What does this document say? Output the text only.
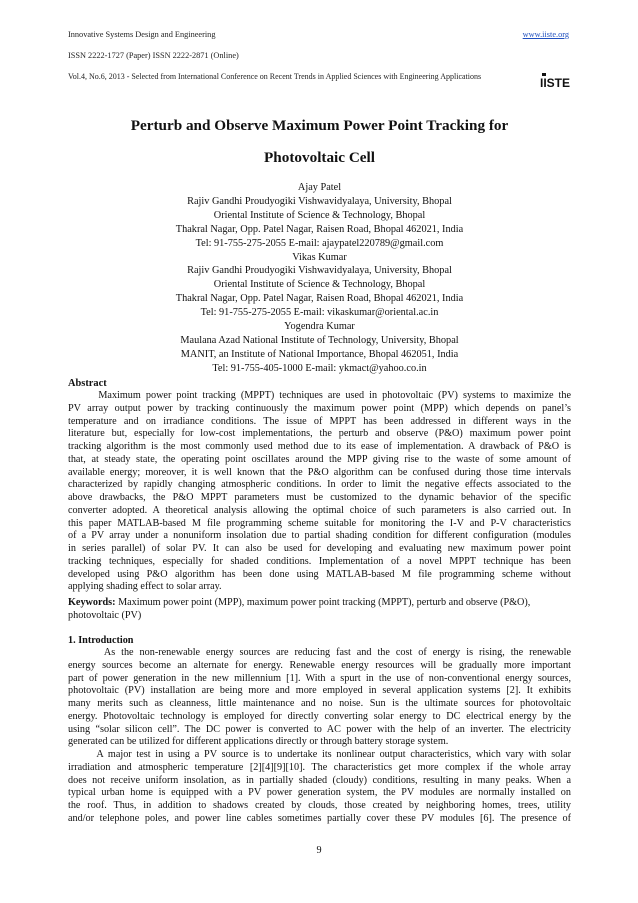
Innovative Systems Design and Engineering	www.iiste.org
ISSN 2222-1727 (Paper) ISSN 2222-2871 (Online)
Vol.4, No.6, 2013 - Selected from International Conference on Recent Trends in Applied Sciences with Engineering Applications	IISTE
Perturb and Observe Maximum Power Point Tracking for
Photovoltaic Cell
Ajay Patel
Rajiv Gandhi Proudyogiki Vishwavidyalaya, University, Bhopal
Oriental Institute of Science & Technology, Bhopal
Thakral Nagar, Opp. Patel Nagar, Raisen Road, Bhopal 462021, India
Tel: 91-755-275-2055 E-mail: ajaypatel220789@gmail.com
Vikas Kumar
Rajiv Gandhi Proudyogiki Vishwavidyalaya, University, Bhopal
Oriental Institute of Science & Technology, Bhopal
Thakral Nagar, Opp. Patel Nagar, Raisen Road, Bhopal 462021, India
Tel: 91-755-275-2055 E-mail: vikaskumar@oriental.ac.in
Yogendra Kumar
Maulana Azad National Institute of Technology, University, Bhopal
MANIT, an Institute of National Importance, Bhopal 462051, India
Tel: 91-755-405-1000 E-mail: ykmact@yahoo.co.in
Abstract
Maximum power point tracking (MPPT) techniques are used in photovoltaic (PV) systems to maximize the
PV array output power by tracking continuously the maximum power point (MPP) which depends on panel’s
temperature and on irradiance conditions. The issue of MPPT has been addressed in different ways in the
literature but, especially for low-cost implementations, the perturb and observe (P&O) maximum power point
tracking algorithm is the most commonly used method due to its ease of implementation. A drawback of P&O is
that, at steady state, the operating point oscillates around the MPP giving rise to the waste of some amount of
available energy; moreover, it is well known that the P&O algorithm can be confused during those time intervals
characterized by rapidly changing atmospheric conditions. In order to limit the negative effects associated to the
above drawbacks, the P&O MPPT parameters must be customized to the dynamic behavior of the specific
converter adopted. A theoretical analysis allowing the optimal choice of such parameters is also carried out. In
this paper MATLAB-based M file programming scheme suitable for monitoring the I-V and P-V characteristics
of a PV array under a nonuniform insolation due to partial shading condition for different configuration (modules
in series parallel) of solar PV. It can also be used for developing and evaluating new maximum power point
tracking techniques, especially for shaded conditions. Implementation of a novel MPPT technique has been
developed using P&O algorithm has been done using MATLAB-based M file programming scheme without
applying shading effect to solar array.
Keywords: Maximum power point (MPP), maximum power point tracking (MPPT), perturb and observe (P&O),
photovoltaic (PV)
1. Introduction
As the non-renewable energy sources are reducing fast and the cost of energy is rising, the renewable
energy sources become an alternate for energy. Renewable energy resources will be gradually more important
part of power generation in the new millennium [1]. With a spurt in the use of non-conventional energy sources,
photovoltaic (PV) installation are being more and more employed in several application systems [2]. It exhibits
many merits such as cleanness, little maintenance and no noise. Sun is the ultimate sources for photovoltaic
energy. Photovoltaic technology is employed for directly converting solar energy to DC electrical energy by the
using “solar silicon cell”. The DC power is converted to AC power with the help of an inverter. The electricity
generated can be utilized for different applications directly or through battery storage system.
A major test in using a PV source is to undertake its nonlinear output characteristics, which vary with solar
irradiation and atmospheric temperature [2][4][9][10]. The characteristics get more complex if the whole array
does not receive uniform insolation, as in partially shaded (cloudy) conditions, resulting in many peaks. When a
typical urban home is equipped with a PV power generation system, the PV modules are normally installed on
the roof. Thus, in addition to shadows created by clouds, those created by neighboring homes, trees, utility
and/or telephone poles, and power line cables sometimes partially cover these PV modules [6]. The presence of
9
